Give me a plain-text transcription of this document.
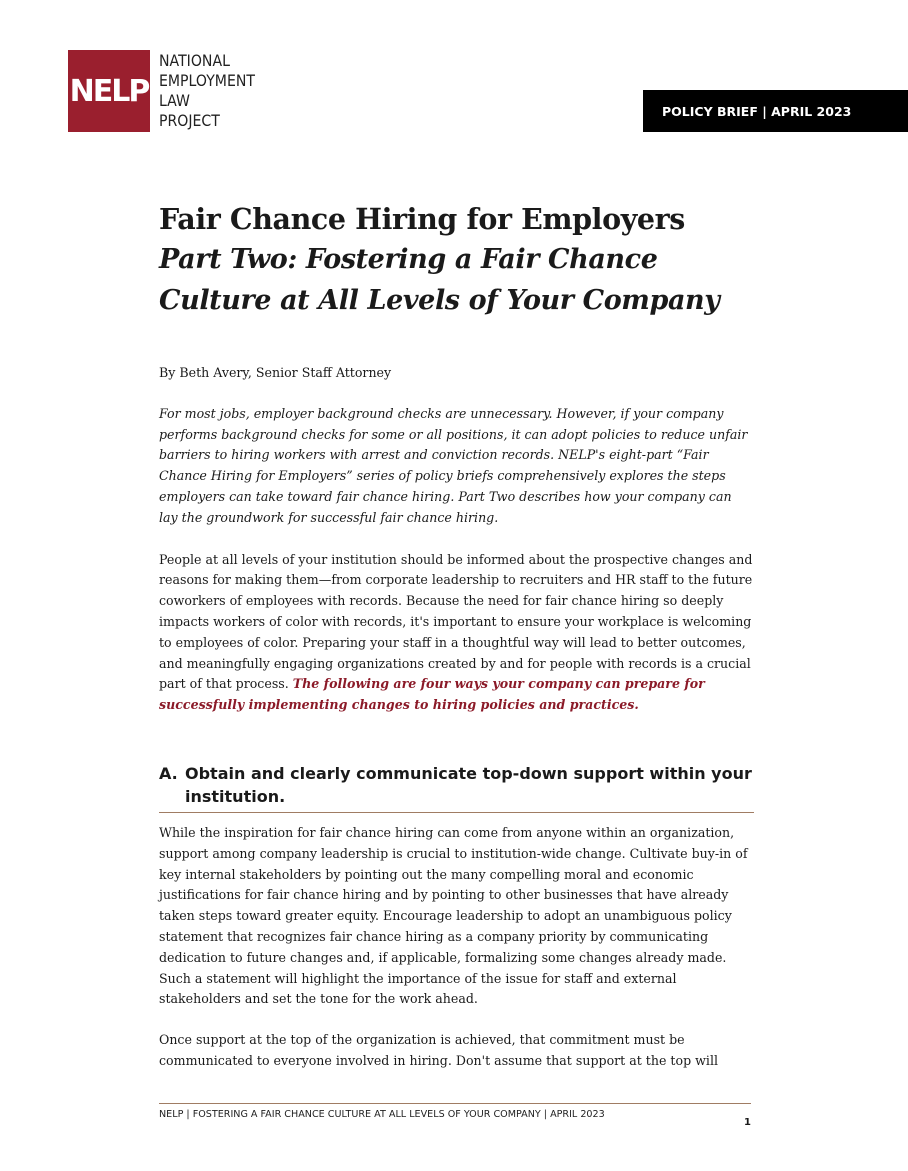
NELP
NATIONAL
EMPLOYMENT
LAW
PROJECT	POLICY BRIEF | APRIL 2023
Fair Chance Hiring for Employers
Part Two: Fostering a Fair Chance
Culture at All Levels of Your Company

By Beth Avery, Senior Staff Attorney

For most jobs, employer background checks are unnecessary. However, if your company performs background checks for some or all positions, it can adopt policies to reduce unfair barriers to hiring workers with arrest and conviction records. NELP's eight-part “Fair Chance Hiring for Employers” series of policy briefs comprehensively explores the steps employers can take toward fair chance hiring. Part Two describes how your company can lay the groundwork for successful fair chance hiring.

People at all levels of your institution should be informed about the prospective changes and reasons for making them—from corporate leadership to recruiters and HR staff to the future coworkers of employees with records. Because the need for fair chance hiring so deeply impacts workers of color with records, it's important to ensure your workplace is welcoming to employees of color. Preparing your staff in a thoughtful way will lead to better outcomes, and meaningfully engaging organizations created by and for people with records is a crucial part of that process. The following are four ways your company can prepare for successfully implementing changes to hiring policies and practices.

A. Obtain and clearly communicate top-down support within your institution.

While the inspiration for fair chance hiring can come from anyone within an organization, support among company leadership is crucial to institution-wide change. Cultivate buy-in of key internal stakeholders by pointing out the many compelling moral and economic justifications for fair chance hiring and by pointing to other businesses that have already taken steps toward greater equity. Encourage leadership to adopt an unambiguous policy statement that recognizes fair chance hiring as a company priority by communicating dedication to future changes and, if applicable, formalizing some changes already made. Such a statement will highlight the importance of the issue for staff and external stakeholders and set the tone for the work ahead.

Once support at the top of the organization is achieved, that commitment must be communicated to everyone involved in hiring. Don't assume that support at the top will

NELP | FOSTERING A FAIR CHANCE CULTURE AT ALL LEVELS OF YOUR COMPANY | APRIL 2023
1
